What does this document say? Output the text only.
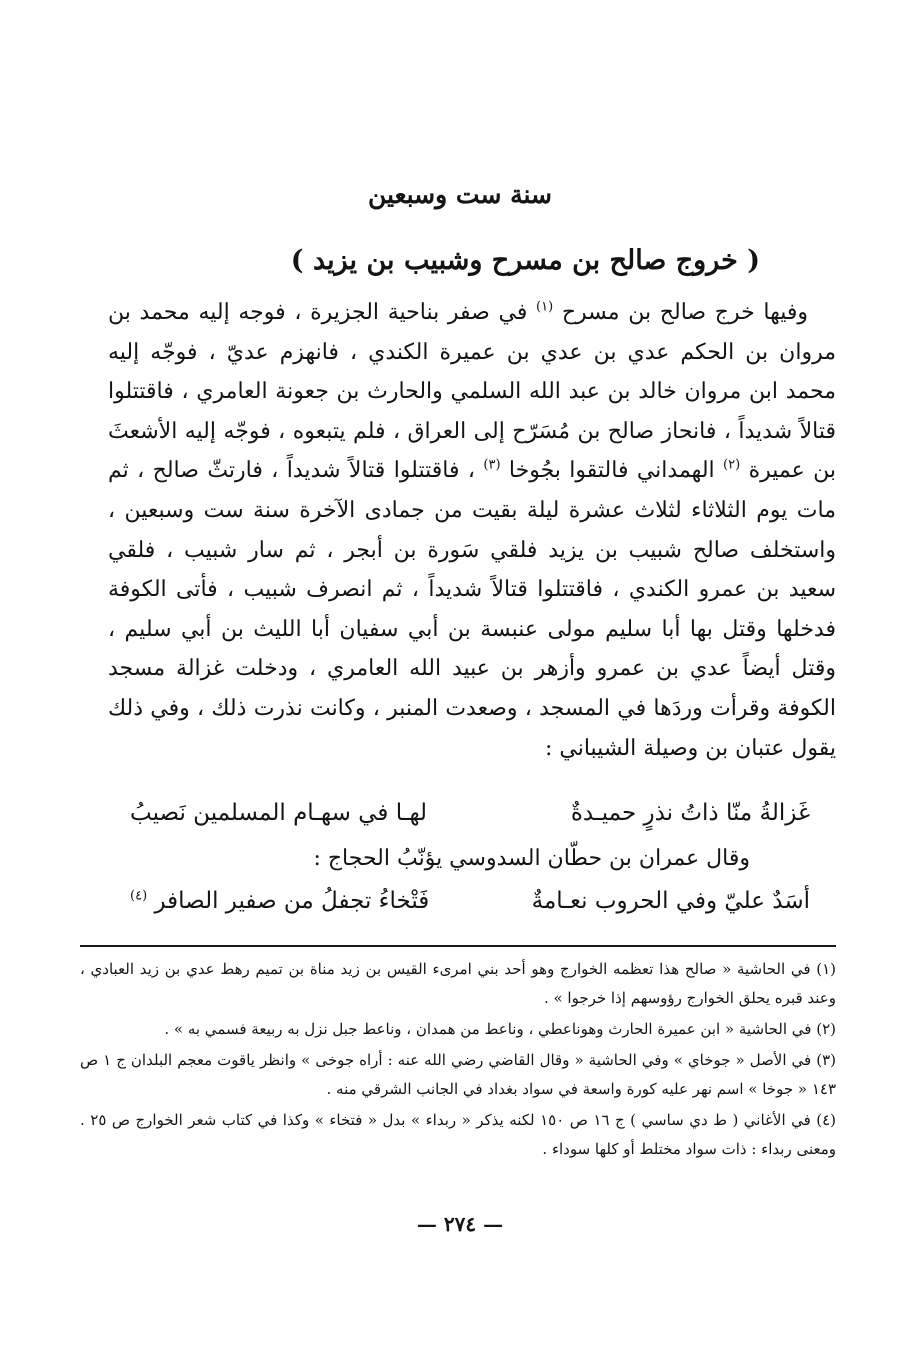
سنة ست وسبعين
( خروج صالح بن مسرح وشبيب بن يزيد )

وفيها خرج صالح بن مسرح $^{(١)}$ في صفر بناحية الجزيرة ، فوجه إليه محمد بن مروان بن الحكم عدي بن عدي بن عميرة الكندي ، فانهزم عديّ ، فوجّه إليه محمد ابن مروان خالد بن عبد الله السلمي والحارث بن جعونة العامري ، فاقتتلوا قتالاً شديداً ، فانحاز صالح بن مُسَرّح إلى العراق ، فلم يتبعوه ، فوجّه إليه الأشعثَ بن عميرة $^{(٢)}$ الهمداني فالتقوا بجُوخا $^{(٣)}$ ، فاقتتلوا قتالاً شديداً ، فارتثّ صالح ، ثم مات يوم الثلاثاء لثلاث عشرة ليلة بقيت من جمادى الآخرة سنة ست وسبعين ، واستخلف صالح شبيب بن يزيد فلقي سَورة بن أبجر ، ثم سار شبيب ، فلقي سعيد بن عمرو الكندي ، فاقتتلوا قتالاً شديداً ، ثم انصرف شبيب ، فأتى الكوفة فدخلها وقتل بها أبا سليم مولى عنبسة بن أبي سفيان أبا الليث بن أبي سليم ، وقتل أيضاً عدي بن عمرو وأزهر بن عبيد الله العامري ، ودخلت غزالة مسجد الكوفة وقرأت وردَها في المسجد ، وصعدت المنبر ، وكانت نذرت ذلك ، وفي ذلك يقول عتبان بن وصيلة الشيباني :

غَزالةُ منّا ذاتُ نذرٍ حميـدةٌ
لهـا في سهـام المسلمين نَصيبُ
وقال عمران بن حطّان السدوسي يؤنّبُ الحجاج :
أسَدٌ عليّ وفي الحروب نعـامةٌ
فَتْخاءُ تجفلُ من صفير الصافر $^{(٤)}$

(١) في الحاشية « صالح هذا تعظمه الخوارج وهو أحد بني امرىء القيس بن زيد مناة بن تميم رهط عدي بن زيد العبادي ، وعند قبره يحلق الخوارج رؤوسهم إذا خرجوا » .

(٢) في الحاشية « ابن عميرة الحارث وهوناعطي ، وناعط من همدان ، وناعط جبل نزل به ربيعة فسمي به » .

(٣) في الأصل « جوخاي » وفي الحاشية « وقال القاضي رضي الله عنه : أراه جوخى » وانظر ياقوت معجم البلدان ج ١ ص ١٤٣ « جوخا » اسم نهر عليه كورة واسعة في سواد بغداد في الجانب الشرقي منه .

(٤) في الأغاني ( ط دي ساسي ) ج ١٦ ص ١٥٠ لكنه يذكر « ربداء » بدل « فتخاء » وكذا في كتاب شعر الخوارج ص ٢٥ . ومعنى ربداء : ذات سواد مختلط أو كلها سوداء .

— ٢٧٤ —
